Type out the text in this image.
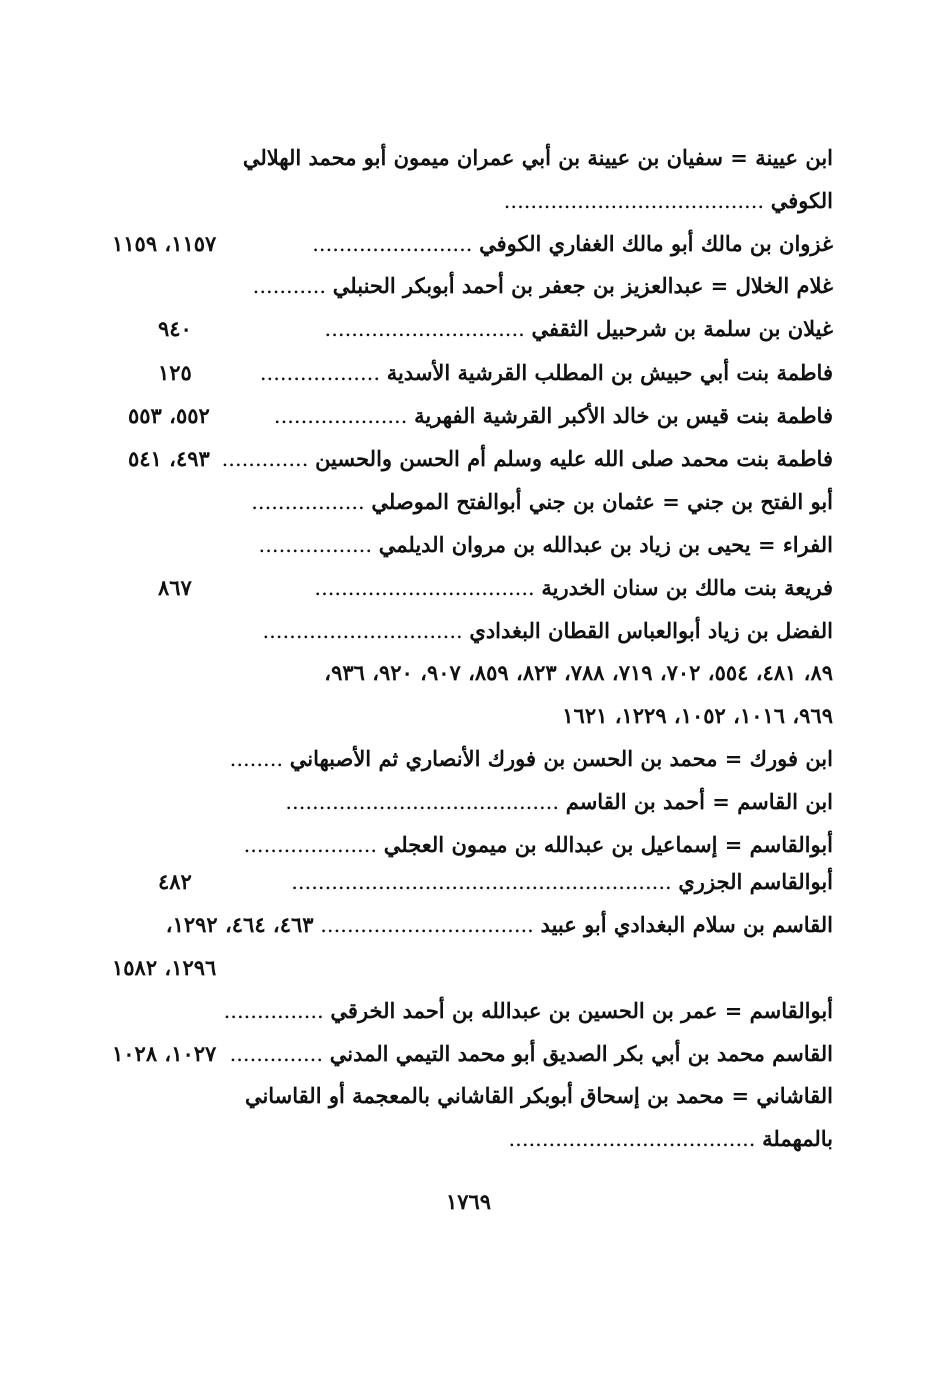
ابن عيينة = سفيان بن عيينة بن أبي عمران ميمون أبو محمد الهلالي
الكوفي .......................................
غزوان بن مالك أبو مالك الغفاري الكوفي ........................
١١٥٧، ١١٥٩
غلام الخلال = عبدالعزيز بن جعفر بن أحمد أبوبكر الحنبلي ...........
غيلان بن سلمة بن شرحبيل الثقفي ..............................
٩٤٠
فاطمة بنت أبي حبيش بن المطلب القرشية الأسدية ..................
١٢٥
فاطمة بنت قيس بن خالد الأكبر القرشية الفهرية ....................
٥٥٢، ٥٥٣
فاطمة بنت محمد صلى الله عليه وسلم أم الحسن والحسين .............
٤٩٣، ٥٤١
أبو الفتح بن جني = عثمان بن جني أبوالفتح الموصلي .................
الفراء = يحيى بن زياد بن عبدالله بن مروان الديلمي .................
فريعة بنت مالك بن سنان الخدرية .................................
٨٦٧
الفضل بن زياد أبوالعباس القطان البغدادي ..............................
٨٩، ٤٨١، ٥٥٤، ٧٠٢، ٧١٩، ٧٨٨، ٨٢٣، ٨٥٩، ٩٠٧، ٩٢٠، ٩٣٦،
٩٦٩، ١٠١٦، ١٠٥٢، ١٢٢٩، ١٦٢١
ابن فورك = محمد بن الحسن بن فورك الأنصاري ثم الأصبهاني ........
ابن القاسم = أحمد بن القاسم .........................................
أبوالقاسم = إسماعيل بن عبدالله بن ميمون العجلي ....................
أبوالقاسم الجزري .........................................................
٤٨٢
القاسم بن سلام البغدادي أبو عبيد ................................ ٤٦٣، ٤٦٤، ١٢٩٢،
١٢٩٦، ١٥٨٢
أبوالقاسم = عمر بن الحسين بن عبدالله بن أحمد الخرقي ...............
القاسم محمد بن أبي بكر الصديق أبو محمد التيمي المدني ..............
١٠٢٧، ١٠٢٨
القاشاني = محمد بن إسحاق أبوبكر القاشاني بالمعجمة أو القاساني
بالمهملة .....................................
١٧٦٩
